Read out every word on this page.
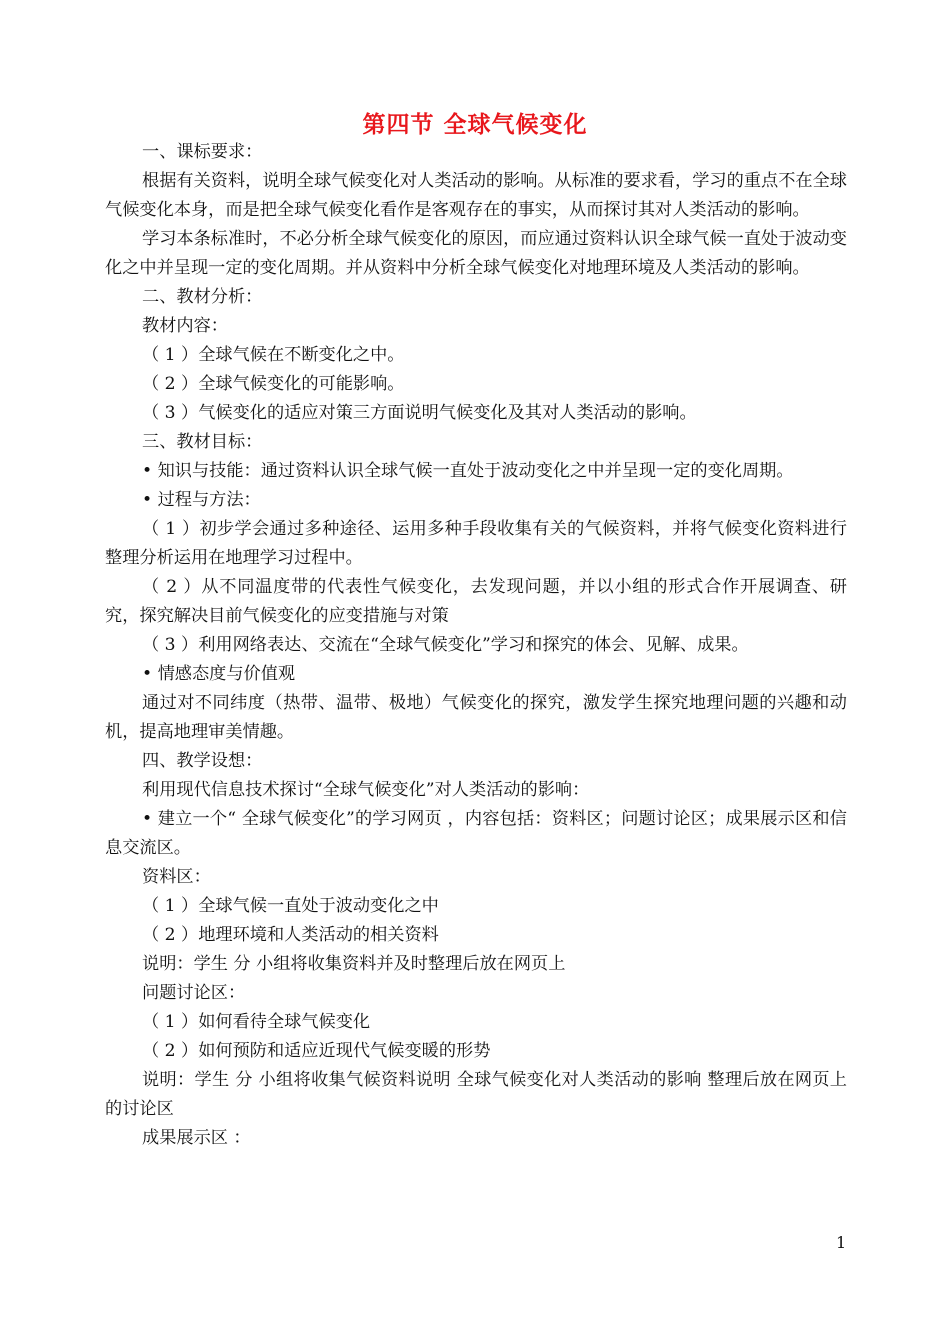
第四节 全球气候变化
一、课标要求：
根据有关资料，说明全球气候变化对人类活动的影响。从标准的要求看，学习的重点不在全球气候变化本身，而是把全球气候变化看作是客观存在的事实，从而探讨其对人类活动的影响。
学习本条标准时，不必分析全球气候变化的原因，而应通过资料认识全球气候一直处于波动变化之中并呈现一定的变化周期。并从资料中分析全球气候变化对地理环境及人类活动的影响。
二、教材分析：
教材内容：
（ 1 ）全球气候在不断变化之中。
（ 2 ）全球气候变化的可能影响。
（ 3 ）气候变化的适应对策三方面说明气候变化及其对人类活动的影响。
三、教材目标：
• 知识与技能：通过资料认识全球气候一直处于波动变化之中并呈现一定的变化周期。
• 过程与方法：
（ 1 ）初步学会通过多种途径、运用多种手段收集有关的气候资料，并将气候变化资料进行整理分析运用在地理学习过程中。
（ 2 ）从不同温度带的代表性气候变化，去发现问题，并以小组的形式合作开展调查、研究，探究解决目前气候变化的应变措施与对策
（ 3 ）利用网络表达、交流在“全球气候变化”学习和探究的体会、见解、成果。
• 情感态度与价值观
通过对不同纬度（热带、温带、极地）气候变化的探究，激发学生探究地理问题的兴趣和动机，提高地理审美情趣。
四、教学设想：
利用现代信息技术探讨“全球气候变化”对人类活动的影响：
• 建立一个“ 全球气候变化”的学习网页 ，内容包括：资料区；问题讨论区；成果展示区和信息交流区。
资料区：
（ 1 ）全球气候一直处于波动变化之中
（ 2 ）地理环境和人类活动的相关资料
说明：学生 分 小组将收集资料并及时整理后放在网页上
问题讨论区：
（ 1 ）如何看待全球气候变化
（ 2 ）如何预防和适应近现代气候变暖的形势
说明：学生 分 小组将收集气候资料说明 全球气候变化对人类活动的影响 整理后放在网页上的讨论区
成果展示区 ：
1
